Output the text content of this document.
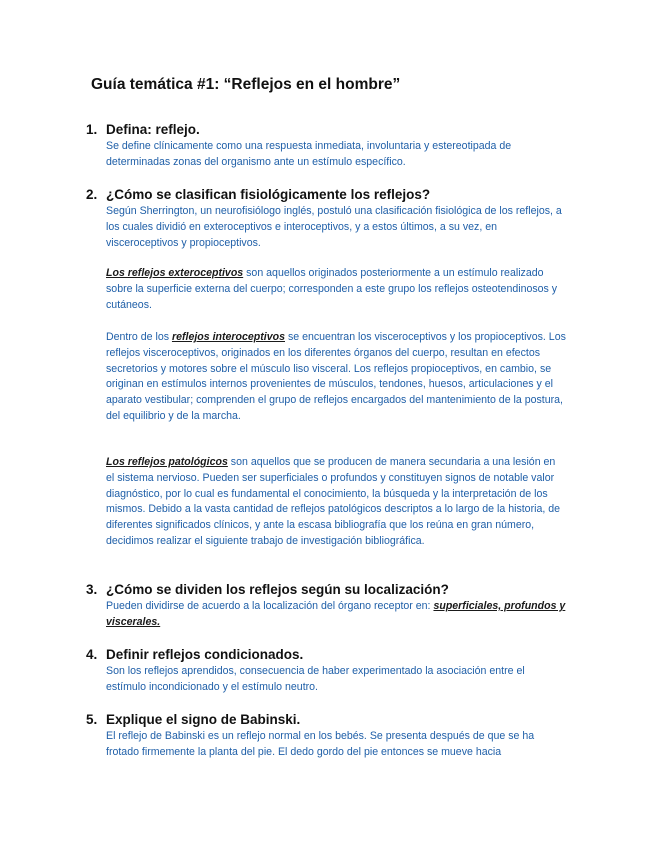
Guía temática #1: “Reflejos en el hombre”
1. Defina: reflejo.

Se define clínicamente como una respuesta inmediata, involuntaria y estereotipada de determinadas zonas del organismo ante un estímulo específico.

2. ¿Cómo se clasifican fisiológicamente los reflejos?

Según Sherrington, un neurofisiólogo inglés, postuló una clasificación fisiológica de los reflejos, a los cuales dividió en exteroceptivos e interoceptivos, y a estos últimos, a su vez, en visceroceptivos y propioceptivos.

Los reflejos exteroceptivos son aquellos originados posteriormente a un estímulo realizado sobre la superficie externa del cuerpo; corresponden a este grupo los reflejos osteotendinosos y cutáneos.

Dentro de los reflejos interoceptivos se encuentran los visceroceptivos y los propioceptivos. Los reflejos visceroceptivos, originados en los diferentes órganos del cuerpo, resultan en efectos secretorios y motores sobre el músculo liso visceral. Los reflejos propioceptivos, en cambio, se originan en estímulos internos provenientes de músculos, tendones, huesos, articulaciones y el aparato vestibular; comprenden el grupo de reflejos encargados del mantenimiento de la postura, del equilibrio y de la marcha.

Los reflejos patológicos son aquellos que se producen de manera secundaria a una lesión en el sistema nervioso. Pueden ser superficiales o profundos y constituyen signos de notable valor diagnóstico, por lo cual es fundamental el conocimiento, la búsqueda y la interpretación de los mismos. Debido a la vasta cantidad de reflejos patológicos descriptos a lo largo de la historia, de diferentes significados clínicos, y ante la escasa bibliografía que los reúna en gran número, decidimos realizar el siguiente trabajo de investigación bibliográfica.

3. ¿Cómo se dividen los reflejos según su localización?

Pueden dividirse de acuerdo a la localización del órgano receptor en: superficiales, profundos y viscerales.

4. Definir reflejos condicionados.

Son los reflejos aprendidos, consecuencia de haber experimentado la asociación entre el estímulo incondicionado y el estímulo neutro.

5. Explique el signo de Babinski.

El reflejo de Babinski es un reflejo normal en los bebés. Se presenta después de que se ha frotado firmemente la planta del pie. El dedo gordo del pie entonces se mueve hacia
